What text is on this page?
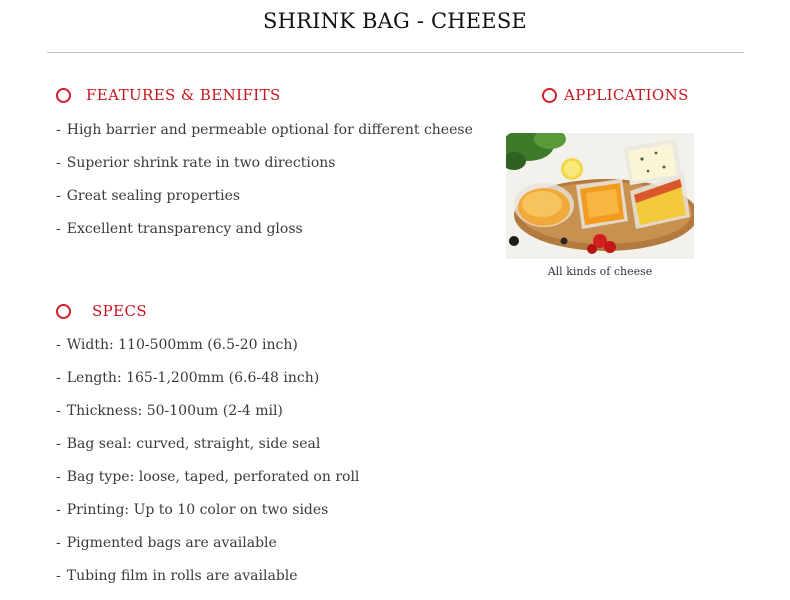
SHRINK BAG - CHEESE
FEATURES & BENIFITS
- High barrier and permeable optional for different cheese
- Superior shrink rate in two directions
- Great sealing properties
- Excellent transparency and gloss
APPLICATIONS
All kinds of cheese
SPECS
- Width: 110-500mm (6.5-20 inch)
- Length: 165-1,200mm (6.6-48 inch)
- Thickness: 50-100um (2-4 mil)
- Bag seal: curved, straight, side seal
- Bag type: loose, taped, perforated on roll
- Printing: Up to 10 color on two sides
- Pigmented bags are available
- Tubing film in rolls are available
